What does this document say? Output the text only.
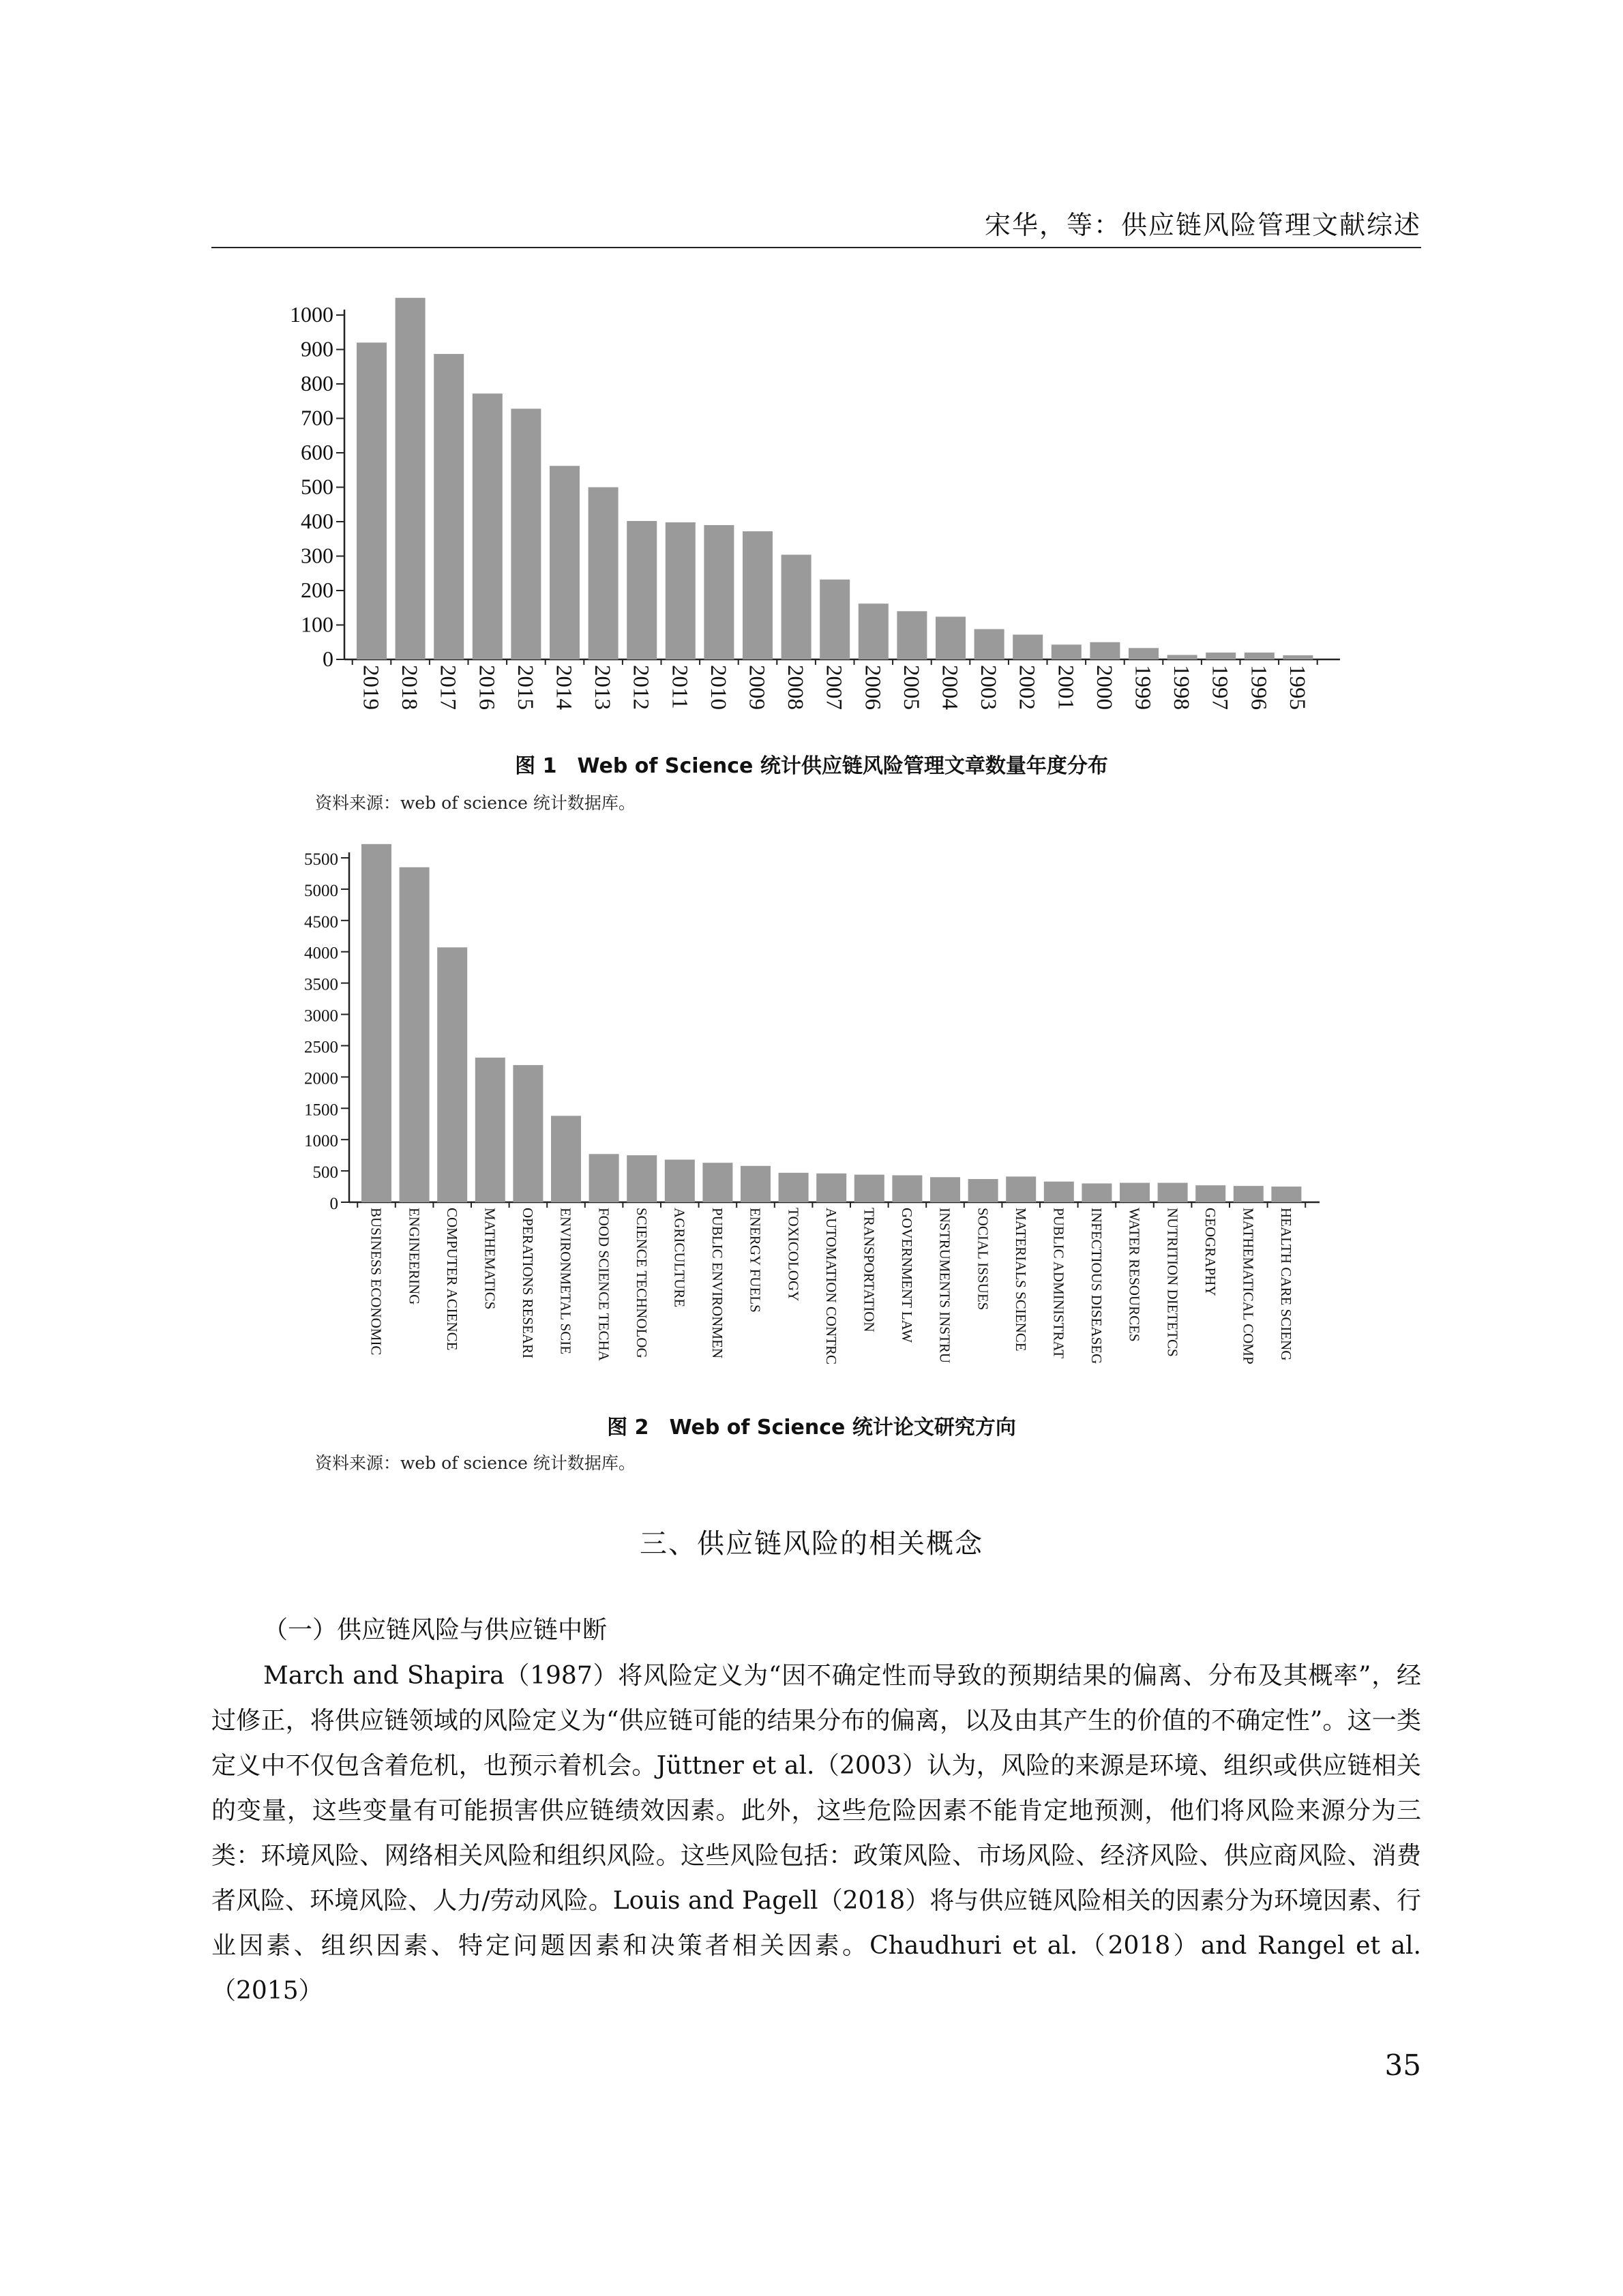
宋华，等：供应链风险管理文献综述
0
100
200
300
400
500
600
700
800
900
1000
2019 2018 2017 2016 2015 2014 2013 2012 2011 2010 2009 2008 2007 2006 2005 2004 2003 2002 2001 2000 1999 1998 1997 1996 1995
图 1 Web of Science 统计供应链风险管理文章数量年度分布
资料来源：web of science 统计数据库。
0
500
1000
1500
2000
2500
3000
3500
4000
4500
5000
5500
BUSINESS ECONOMIC ENGINEERING COMPUTER ACIENCE MATHEMATICS OPERATIONS RESEARI ENVIRONMETAL SCIE FOOD SCIENCE TECHA SCIENCE TECHNOLOG AGRICULTURE PUBLIC ENVIRONMEN ENERGY FUELS TOXICOLOGY AUTOMATION CONTRC TRANSPORTATION GOVERNMENT LAW INSTRUMENTS INSTRU SOCIAL ISSUES MATERIALS SCIENCE PUBLIC ADMINISTRAT INFECTIOUS DISEASEG WATER RESOURCES NUTRITION DIETETCS GEOGRAPHY MATHEMATICAL COMP HEALTH CARE SCIENG
图 2 Web of Science 统计论文研究方向
资料来源：web of science 统计数据库。
三、供应链风险的相关概念
（一）供应链风险与供应链中断

March and Shapira（1987）将风险定义为“因不确定性而导致的预期结果的偏离、分布及其概率”，经过修正，将供应链领域的风险定义为“供应链可能的结果分布的偏离，以及由其产生的价值的不确定性”。这一类定义中不仅包含着危机，也预示着机会。Jüttner et al.（2003）认为，风险的来源是环境、组织或供应链相关的变量，这些变量有可能损害供应链绩效因素。此外，这些危险因素不能肯定地预测，他们将风险来源分为三类：环境风险、网络相关风险和组织风险。这些风险包括：政策风险、市场风险、经济风险、供应商风险、消费者风险、环境风险、人力/劳动风险。Louis and Pagell（2018）将与供应链风险相关的因素分为环境因素、行业因素、组织因素、特定问题因素和决策者相关因素。Chaudhuri et al.（2018）and Rangel et al.（2015）

35
